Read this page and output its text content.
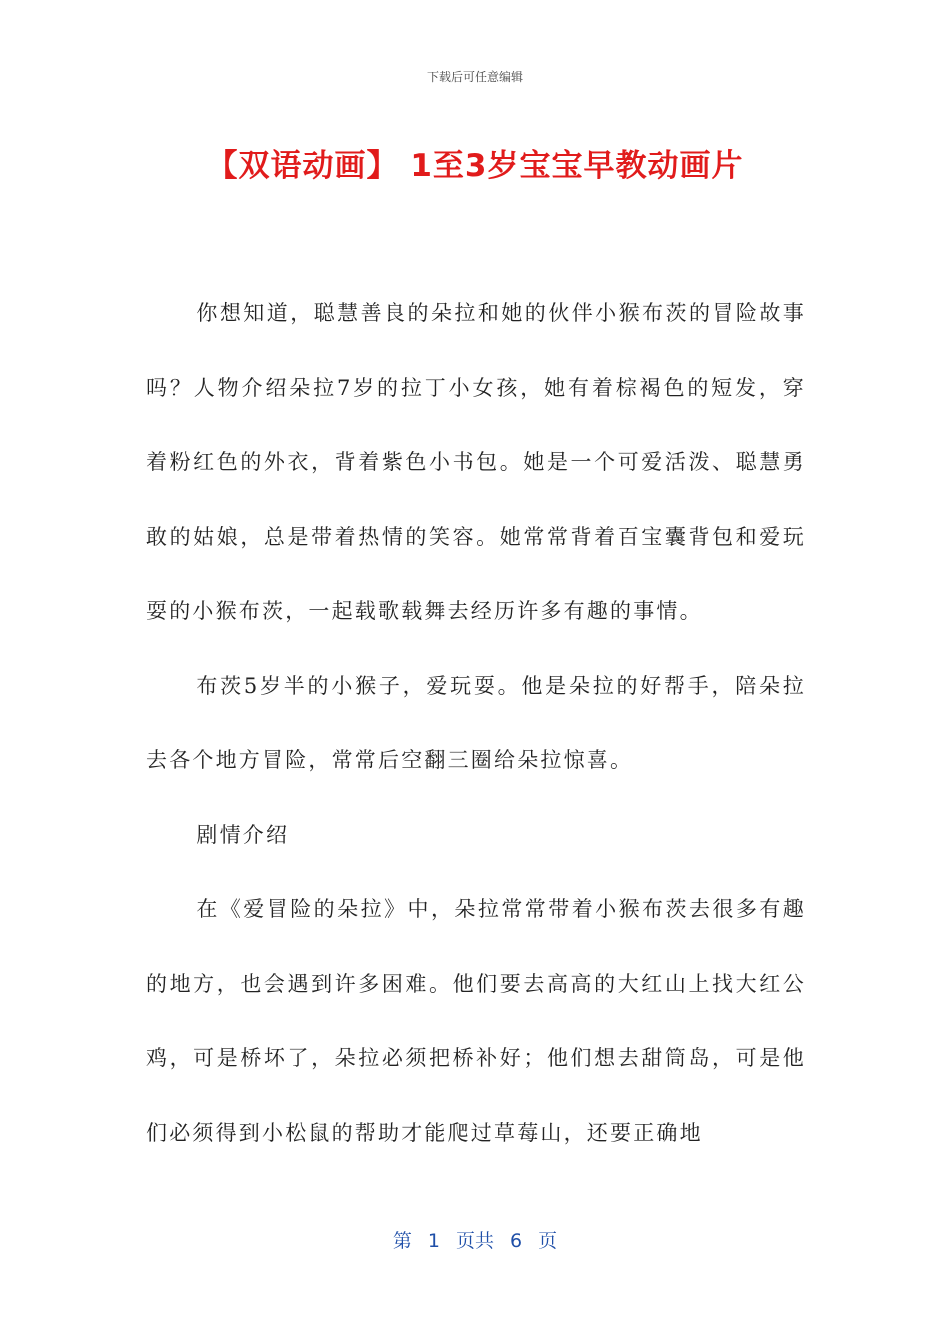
下载后可任意编辑
【双语动画】 1至3岁宝宝早教动画片

你想知道，聪慧善良的朵拉和她的伙伴小猴布茨的冒险故事吗？人物介绍朵拉7岁的拉丁小女孩，她有着棕褐色的短发，穿着粉红色的外衣，背着紫色小书包。她是一个可爱活泼、聪慧勇敢的姑娘，总是带着热情的笑容。她常常背着百宝囊背包和爱玩耍的小猴布茨，一起载歌载舞去经历许多有趣的事情。

布茨5岁半的小猴子，爱玩耍。他是朵拉的好帮手，陪朵拉去各个地方冒险，常常后空翻三圈给朵拉惊喜。

剧情介绍

在《爱冒险的朵拉》中，朵拉常常带着小猴布茨去很多有趣的地方，也会遇到许多困难。他们要去高高的大红山上找大红公鸡，可是桥坏了，朵拉必须把桥补好；他们想去甜筒岛，可是他们必须得到小松鼠的帮助才能爬过草莓山，还要正确地

第 1 页共 6 页
